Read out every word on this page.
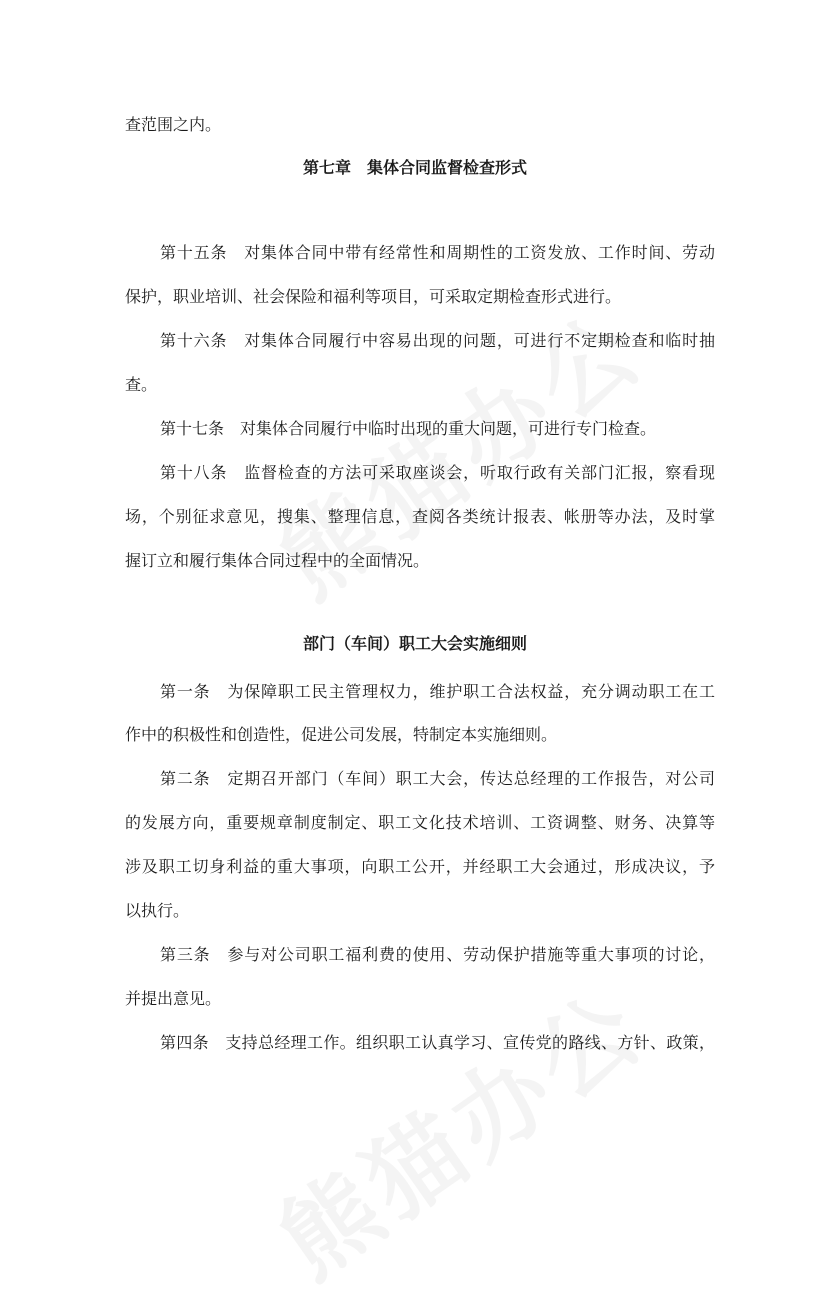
查范围之内。
第七章　集体合同监督检查形式
第十五条　对集体合同中带有经常性和周期性的工资发放、工作时间、劳动
保护，职业培训、社会保险和福利等项目，可采取定期检查形式进行。
第十六条　对集体合同履行中容易出现的问题，可进行不定期检查和临时抽
查。
第十七条　对集体合同履行中临时出现的重大问题，可进行专门检查。
第十八条　监督检查的方法可采取座谈会，听取行政有关部门汇报，察看现
场，个别征求意见，搜集、整理信息，查阅各类统计报表、帐册等办法，及时掌
握订立和履行集体合同过程中的全面情况。
部门（车间）职工大会实施细则
第一条　为保障职工民主管理权力，维护职工合法权益，充分调动职工在工
作中的积极性和创造性，促进公司发展，特制定本实施细则。
第二条　定期召开部门（车间）职工大会，传达总经理的工作报告，对公司
的发展方向，重要规章制度制定、职工文化技术培训、工资调整、财务、决算等
涉及职工切身利益的重大事项，向职工公开，并经职工大会通过，形成决议，予
以执行。
第三条　参与对公司职工福利费的使用、劳动保护措施等重大事项的讨论，
并提出意见。
第四条　支持总经理工作。组织职工认真学习、宣传党的路线、方针、政策，
